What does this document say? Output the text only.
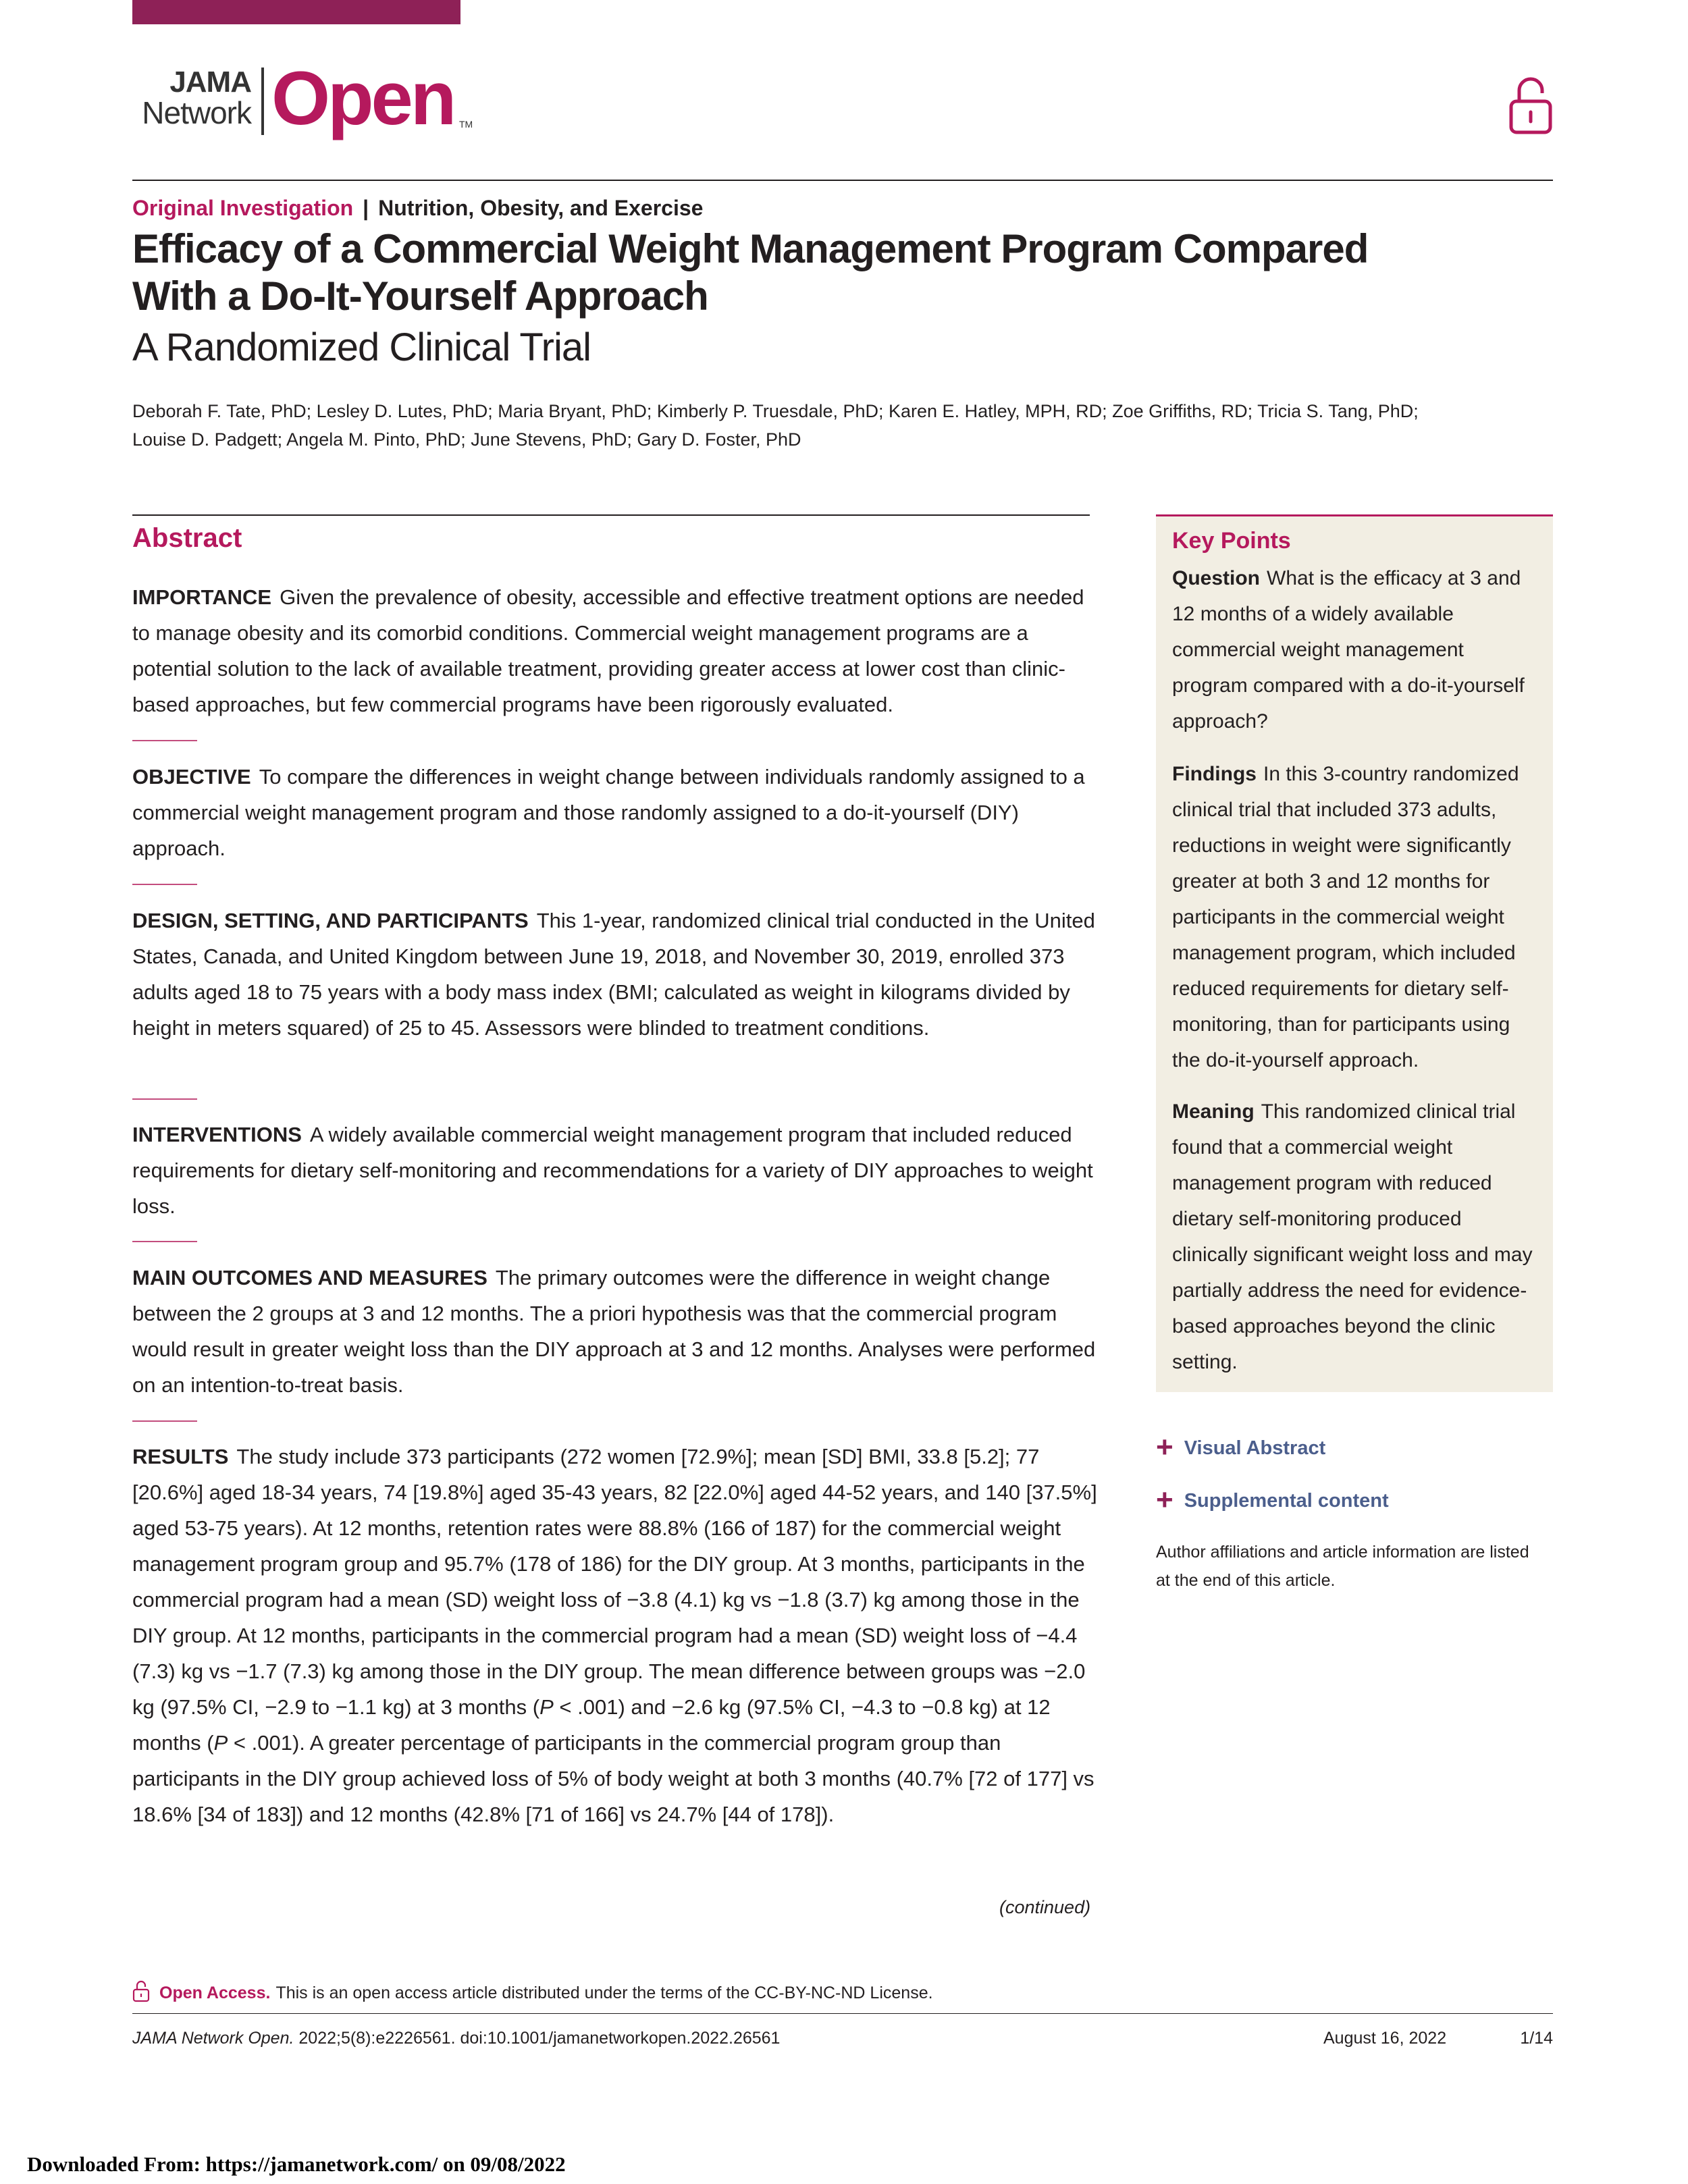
JAMA
Network Open TM
Original Investigation | Nutrition, Obesity, and Exercise
Efficacy of a Commercial Weight Management Program Compared
With a Do-It-Yourself Approach
A Randomized Clinical Trial
Deborah F. Tate, PhD; Lesley D. Lutes, PhD; Maria Bryant, PhD; Kimberly P. Truesdale, PhD; Karen E. Hatley, MPH, RD; Zoe Griffiths, RD; Tricia S. Tang, PhD;
Louise D. Padgett; Angela M. Pinto, PhD; June Stevens, PhD; Gary D. Foster, PhD
Abstract
IMPORTANCE Given the prevalence of obesity, accessible and effective treatment options are needed to manage obesity and its comorbid conditions. Commercial weight management programs are a potential solution to the lack of available treatment, providing greater access at lower cost than clinic-based approaches, but few commercial programs have been rigorously evaluated.
OBJECTIVE To compare the differences in weight change between individuals randomly assigned to a commercial weight management program and those randomly assigned to a do-it-yourself (DIY) approach.
DESIGN, SETTING, AND PARTICIPANTS This 1-year, randomized clinical trial conducted in the United States, Canada, and United Kingdom between June 19, 2018, and November 30, 2019, enrolled 373 adults aged 18 to 75 years with a body mass index (BMI; calculated as weight in kilograms divided by height in meters squared) of 25 to 45. Assessors were blinded to treatment conditions.
INTERVENTIONS A widely available commercial weight management program that included reduced requirements for dietary self-monitoring and recommendations for a variety of DIY approaches to weight loss.
MAIN OUTCOMES AND MEASURES The primary outcomes were the difference in weight change between the 2 groups at 3 and 12 months. The a priori hypothesis was that the commercial program would result in greater weight loss than the DIY approach at 3 and 12 months. Analyses were performed on an intention-to-treat basis.
RESULTS The study include 373 participants (272 women [72.9%]; mean [SD] BMI, 33.8 [5.2]; 77 [20.6%] aged 18-34 years, 74 [19.8%] aged 35-43 years, 82 [22.0%] aged 44-52 years, and 140 [37.5%] aged 53-75 years). At 12 months, retention rates were 88.8% (166 of 187) for the commercial weight management program group and 95.7% (178 of 186) for the DIY group. At 3 months, participants in the commercial program had a mean (SD) weight loss of −3.8 (4.1) kg vs −1.8 (3.7) kg among those in the DIY group. At 12 months, participants in the commercial program had a mean (SD) weight loss of −4.4 (7.3) kg vs −1.7 (7.3) kg among those in the DIY group. The mean difference between groups was −2.0 kg (97.5% CI, −2.9 to −1.1 kg) at 3 months (P < .001) and −2.6 kg (97.5% CI, −4.3 to −0.8 kg) at 12 months (P < .001). A greater percentage of participants in the commercial program group than participants in the DIY group achieved loss of 5% of body weight at both 3 months (40.7% [72 of 177] vs 18.6% [34 of 183]) and 12 months (42.8% [71 of 166] vs 24.7% [44 of 178]).
(continued)
Key Points
Question What is the efficacy at 3 and 12 months of a widely available commercial weight management program compared with a do-it-yourself approach?
Findings In this 3-country randomized clinical trial that included 373 adults, reductions in weight were significantly greater at both 3 and 12 months for participants in the commercial weight management program, which included reduced requirements for dietary self-monitoring, than for participants using the do-it-yourself approach.
Meaning This randomized clinical trial found that a commercial weight management program with reduced dietary self-monitoring produced clinically significant weight loss and may partially address the need for evidence-based approaches beyond the clinic setting.
+ Visual Abstract
+ Supplemental content
Author affiliations and article information are listed at the end of this article.
Open Access. This is an open access article distributed under the terms of the CC-BY-NC-ND License.
JAMA Network Open. 2022;5(8):e2226561. doi:10.1001/jamanetworkopen.2022.26561	August 16, 2022	1/14
Downloaded From: https://jamanetwork.com/ on 09/08/2022
